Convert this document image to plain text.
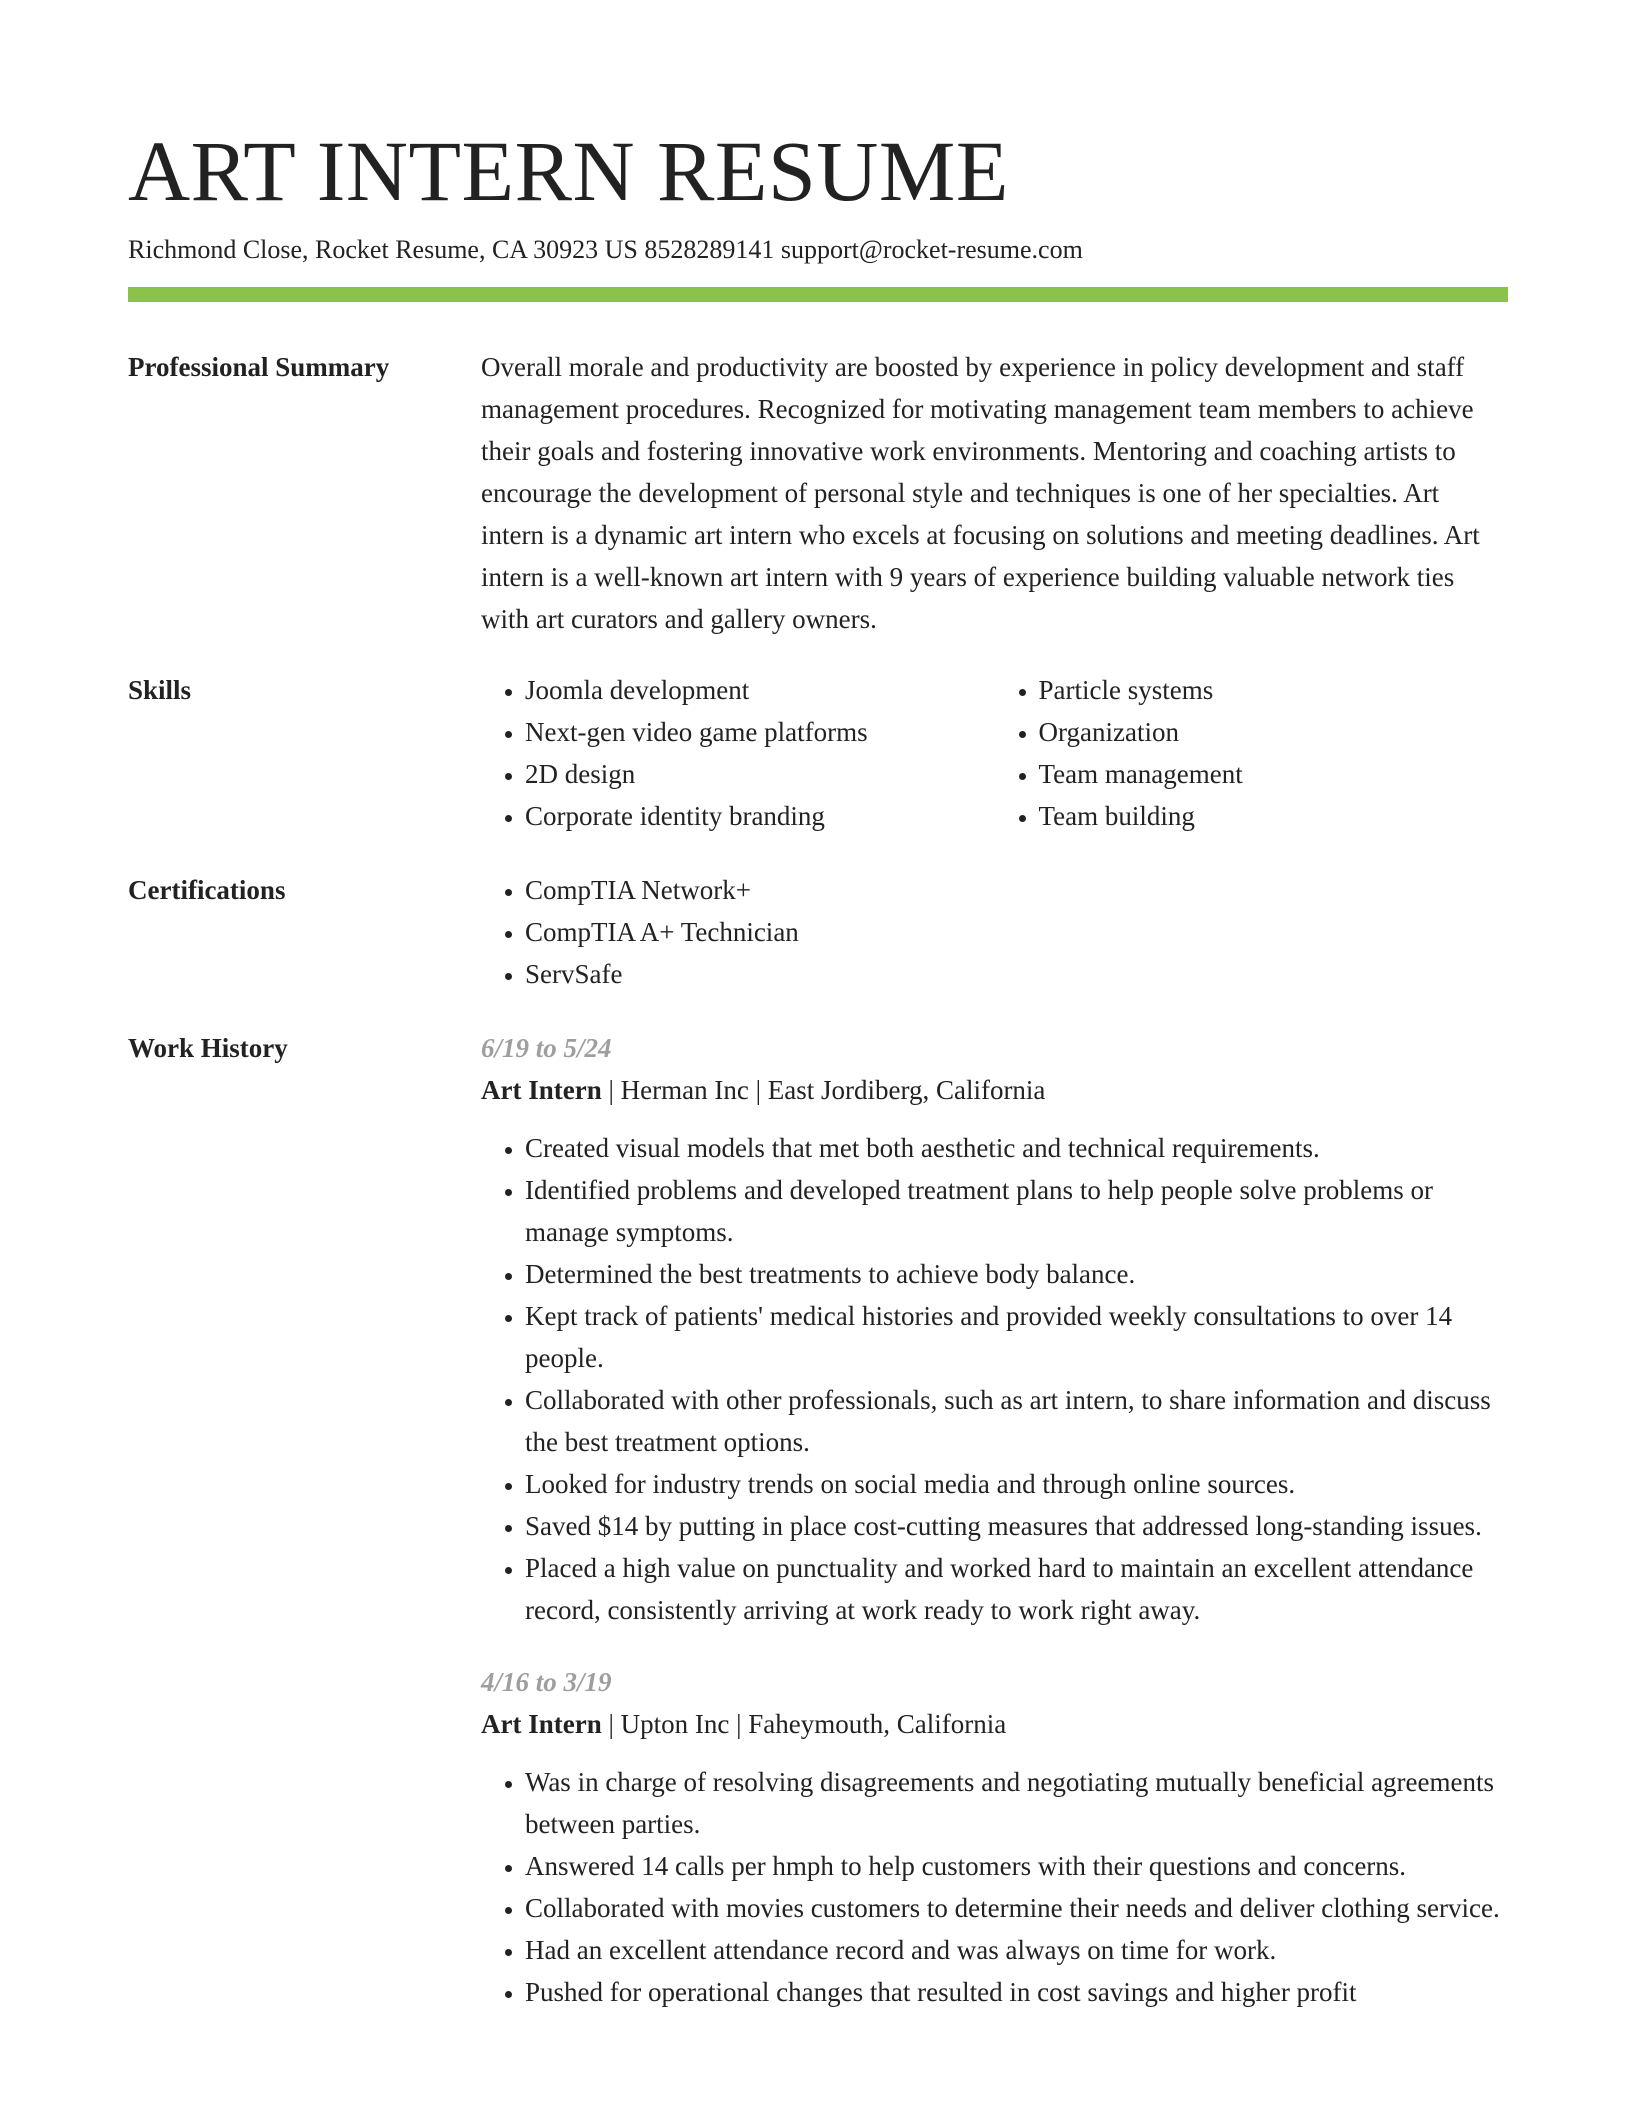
ART INTERN RESUME
Richmond Close, Rocket Resume, CA 30923 US 8528289141 support@rocket-resume.com
Professional Summary	Overall morale and productivity are boosted by experience in policy development and staff management procedures. Recognized for motivating management team members to achieve their goals and fostering innovative work environments. Mentoring and coaching artists to encourage the development of personal style and techniques is one of her specialties. Art intern is a dynamic art intern who excels at focusing on solutions and meeting deadlines. Art intern is a well-known art intern with 9 years of experience building valuable network ties with art curators and gallery owners.

Skills	• Joomla development
• Next-gen video game platforms
• 2D design
• Corporate identity branding
• Particle systems
• Organization
• Team management
• Team building
Certifications	• CompTIA Network+
• CompTIA A+ Technician
• ServSafe
Work History	6/19 to 5/24
Art Intern | Herman Inc | East Jordiberg, California
• Created visual models that met both aesthetic and technical requirements.
• Identified problems and developed treatment plans to help people solve problems or manage symptoms.
• Determined the best treatments to achieve body balance.
• Kept track of patients' medical histories and provided weekly consultations to over 14 people.
• Collaborated with other professionals, such as art intern, to share information and discuss the best treatment options.
• Looked for industry trends on social media and through online sources.
• Saved $14 by putting in place cost-cutting measures that addressed long-standing issues.
• Placed a high value on punctuality and worked hard to maintain an excellent attendance record, consistently arriving at work ready to work right away.
4/16 to 3/19
Art Intern | Upton Inc | Faheymouth, California
• Was in charge of resolving disagreements and negotiating mutually beneficial agreements between parties.
• Answered 14 calls per hmph to help customers with their questions and concerns.
• Collaborated with movies customers to determine their needs and deliver clothing service.
• Had an excellent attendance record and was always on time for work.
• Pushed for operational changes that resulted in cost savings and higher profit
